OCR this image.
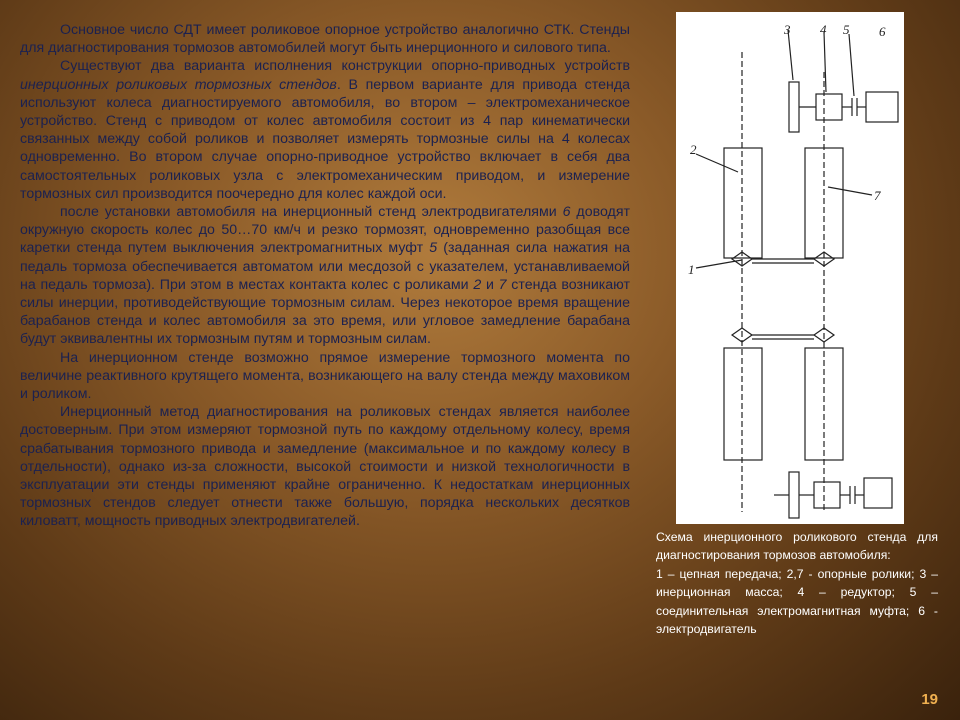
Основное число СДТ имеет роликовое опорное устройство аналогично СТК. Стенды для диагностирования тормозов автомобилей могут быть инерционного и силового типа.

Существуют два варианта исполнения конструкции опорно-приводных устройств инерционных роликовых тормозных стендов. В первом варианте для привода стенда используют колеса диагностируемого автомобиля, во втором – электромеханическое устройство. Стенд с приводом от колес автомобиля состоит из 4 пар кинематически связанных между собой роликов и позволяет измерять тормозные силы на 4 колесах одновременно. Во втором случае опорно-приводное устройство включает в себя два самостоятельных роликовых узла с электромеханическим приводом, и измерение тормозных сил производится поочередно для колес каждой оси.

после установки автомобиля на инерционный стенд электродвигателями 6 доводят окружную скорость колес до 50…70 км/ч и резко тормозят, одновременно разобщая все каретки стенда путем выключения электромагнитных муфт 5 (заданная сила нажатия на педаль тормоза обеспечивается автоматом или месдозой с указателем, устанавливаемой на педаль тормоза). При этом в местах контакта колес с роликами 2 и 7 стенда возникают силы инерции, противодействующие тормозным силам. Через некоторое время вращение барабанов стенда и колес автомобиля за это время, или угловое замедление барабана будут эквивалентны их тормозным путям и тормозным силам.

На инерционном стенде возможно прямое измерение тормозного момента по величине реактивного крутящего момента, возникающего на валу стенда между маховиком и роликом.

Инерционный метод диагностирования на роликовых стендах является наиболее достоверным. При этом измеряют тормозной путь по каждому отдельному колесу, время срабатывания тормозного привода и замедление (максимальное и по каждому колесу в отдельности), однако из-за сложности, высокой стоимости и низкой технологичности в эксплуатации эти стенды применяют крайне ограниченно. К недостаткам инерционных тормозных стендов следует отнести также большую, порядка нескольких десятков киловатт, мощность приводных электродвигателей.

3 4 5 6
2
7
1

Схема инерционного роликового стенда для диагностирования тормозов автомобиля:

1 – цепная передача; 2,7 - опорные ролики; 3 – инерционная масса; 4 – редуктор; 5 – соединительная электромагнитная муфта; 6 - электродвигатель

19
